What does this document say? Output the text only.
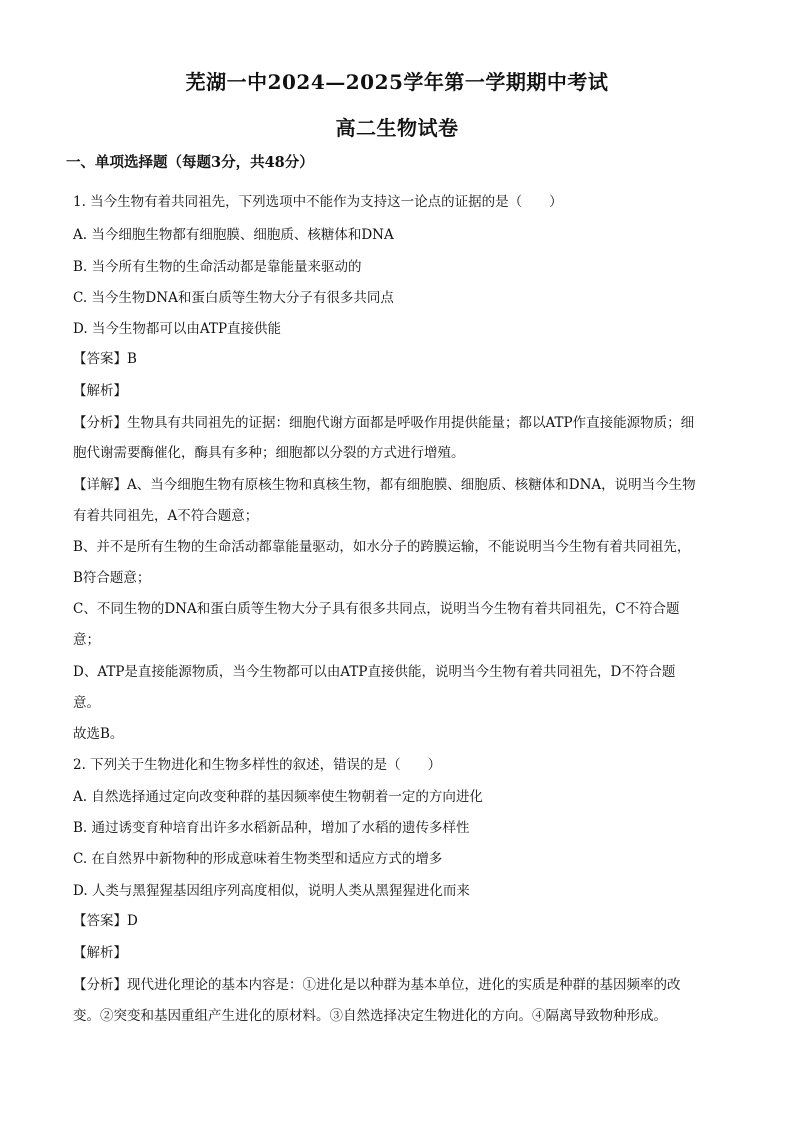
芜湖一中2024—2025学年第一学期期中考试
高二生物试卷
一、单项选择题（每题3分，共48分）
1. 当今生物有着共同祖先，下列选项中不能作为支持这一论点的证据的是（　　）
A. 当今细胞生物都有细胞膜、细胞质、核糖体和DNA
B. 当今所有生物的生命活动都是靠能量来驱动的
C. 当今生物DNA和蛋白质等生物大分子有很多共同点
D. 当今生物都可以由ATP直接供能
【答案】B
【解析】
【分析】生物具有共同祖先的证据：细胞代谢方面都是呼吸作用提供能量；都以ATP作直接能源物质；细
胞代谢需要酶催化，酶具有多种；细胞都以分裂的方式进行增殖。
【详解】A、当今细胞生物有原核生物和真核生物，都有细胞膜、细胞质、核糖体和DNA，说明当今生物
有着共同祖先，A不符合题意；
B、并不是所有生物的生命活动都靠能量驱动，如水分子的跨膜运输，不能说明当今生物有着共同祖先，
B符合题意；
C、不同生物的DNA和蛋白质等生物大分子具有很多共同点，说明当今生物有着共同祖先，C不符合题
意；
D、ATP是直接能源物质，当今生物都可以由ATP直接供能，说明当今生物有着共同祖先，D不符合题
意。
故选B。
2. 下列关于生物进化和生物多样性的叙述，错误的是（　　）
A. 自然选择通过定向改变种群的基因频率使生物朝着一定的方向进化
B. 通过诱变育种培育出许多水稻新品种，增加了水稻的遗传多样性
C. 在自然界中新物种的形成意味着生物类型和适应方式的增多
D. 人类与黑猩猩基因组序列高度相似，说明人类从黑猩猩进化而来
【答案】D
【解析】
【分析】现代进化理论的基本内容是：①进化是以种群为基本单位，进化的实质是种群的基因频率的改
变。②突变和基因重组产生进化的原材料。③自然选择决定生物进化的方向。④隔离导致物种形成。
